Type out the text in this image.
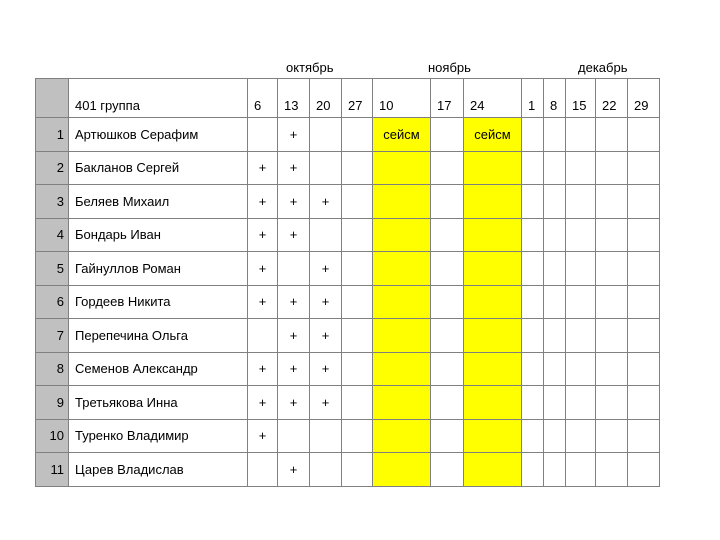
октябрь	ноябрь	декабрь
	401 группа	6	13	20	27	10	17	24	1	8	15	22	29
1	Артюшков Серафим		+			сейсм		сейсм					
2	Бакланов Сергей	+	+										
3	Беляев Михаил	+	+	+									
4	Бондарь Иван	+	+										
5	Гайнуллов Роман	+		+									
6	Гордеев Никита	+	+	+									
7	Перепечина Ольга		+	+									
8	Семенов Александр	+	+	+									
9	Третьякова Инна	+	+	+									
10	Туренко Владимир	+											
11	Царев Владислав		+										
